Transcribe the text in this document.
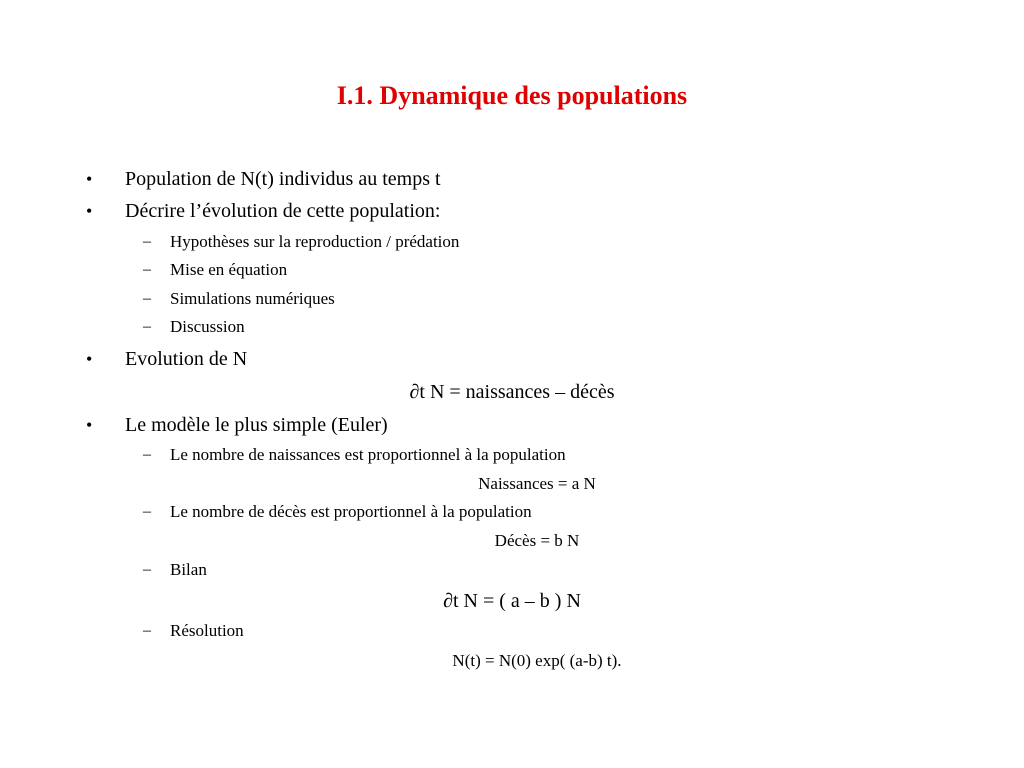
I.1. Dynamique des populations
• Population de N(t) individus au temps t
• Décrire l’évolution de cette population:
– Hypothèses sur la reproduction / prédation
– Mise en équation
– Simulations numériques
– Discussion
• Evolution de N
∂t N = naissances – décès
• Le modèle le plus simple (Euler)
– Le nombre de naissances est proportionnel à la population
Naissances = a N
– Le nombre de décès est proportionnel à la population
Décès = b N
– Bilan
∂t N = ( a – b ) N
– Résolution
N(t) = N(0) exp( (a-b) t).
